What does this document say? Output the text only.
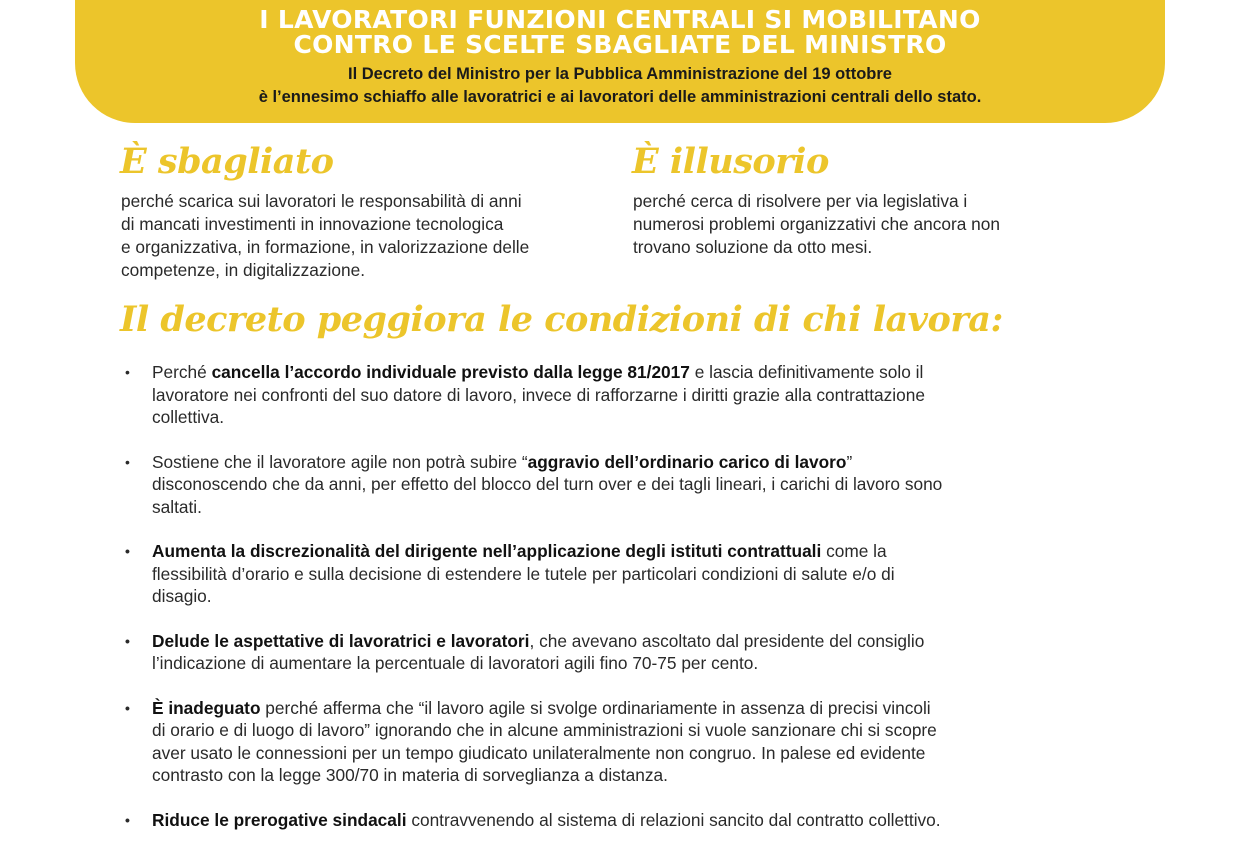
I LAVORATORI FUNZIONI CENTRALI SI MOBILITANO
CONTRO LE SCELTE SBAGLIATE DEL MINISTRO
Il Decreto del Ministro per la Pubblica Amministrazione del 19 ottobre
è l’ennesimo schiaffo alle lavoratrici e ai lavoratori delle amministrazioni centrali dello stato.
È sbagliato
perché scarica sui lavoratori le responsabilità di anni
di mancati investimenti in innovazione tecnologica
e organizzativa, in formazione, in valorizzazione delle
competenze, in digitalizzazione.
È illusorio
perché cerca di risolvere per via legislativa i
numerosi problemi organizzativi che ancora non
trovano soluzione da otto mesi.
Il decreto peggiora le condizioni di chi lavora:
• Perché cancella l’accordo individuale previsto dalla legge 81/2017 e lascia definitivamente solo il
lavoratore nei confronti del suo datore di lavoro, invece di rafforzarne i diritti grazie alla contrattazione
collettiva.
• Sostiene che il lavoratore agile non potrà subire “aggravio dell’ordinario carico di lavoro”
disconoscendo che da anni, per effetto del blocco del turn over e dei tagli lineari, i carichi di lavoro sono
saltati.
• Aumenta la discrezionalità del dirigente nell’applicazione degli istituti contrattuali come la
flessibilità d’orario e sulla decisione di estendere le tutele per particolari condizioni di salute e/o di
disagio.
• Delude le aspettative di lavoratrici e lavoratori, che avevano ascoltato dal presidente del consiglio
l’indicazione di aumentare la percentuale di lavoratori agili fino 70-75 per cento.
• È inadeguato perché afferma che “il lavoro agile si svolge ordinariamente in assenza di precisi vincoli
di orario e di luogo di lavoro” ignorando che in alcune amministrazioni si vuole sanzionare chi si scopre
aver usato le connessioni per un tempo giudicato unilateralmente non congruo. In palese ed evidente
contrasto con la legge 300/70 in materia di sorveglianza a distanza.
• Riduce le prerogative sindacali contravvenendo al sistema di relazioni sancito dal contratto collettivo.
